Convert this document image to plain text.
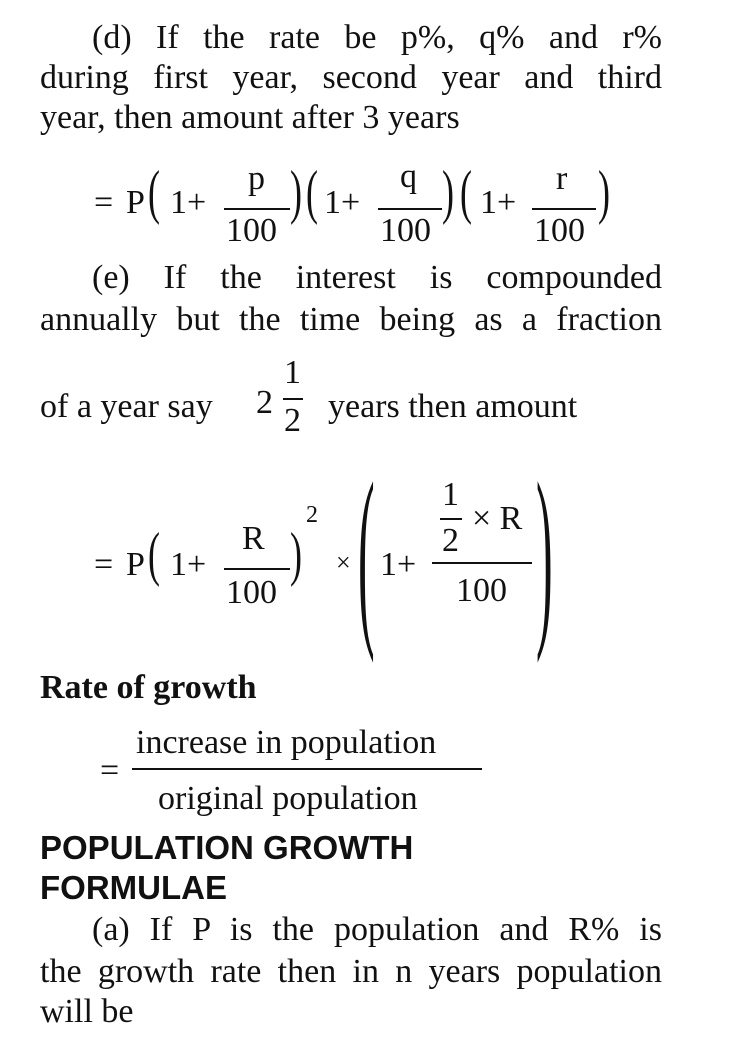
(d) If the rate be p%, q% and r%
during first year, second year and third
year, then amount after 3 years
= P ( 1+
p
100
) ( 1+
q
100
) ( 1+
r
100
)
(e) If the interest is compounded
annually but the time being as a fraction
of a year say 2
1
2 years then amount
= P ( 1+
R
100
)
2
× ( 1+
1
2
× R
100 )
Rate of growth
=
increase in population
original population
POPULATION GROWTH
FORMULAE
(a) If P is the population and R% is
the growth rate then in n years population
will be
